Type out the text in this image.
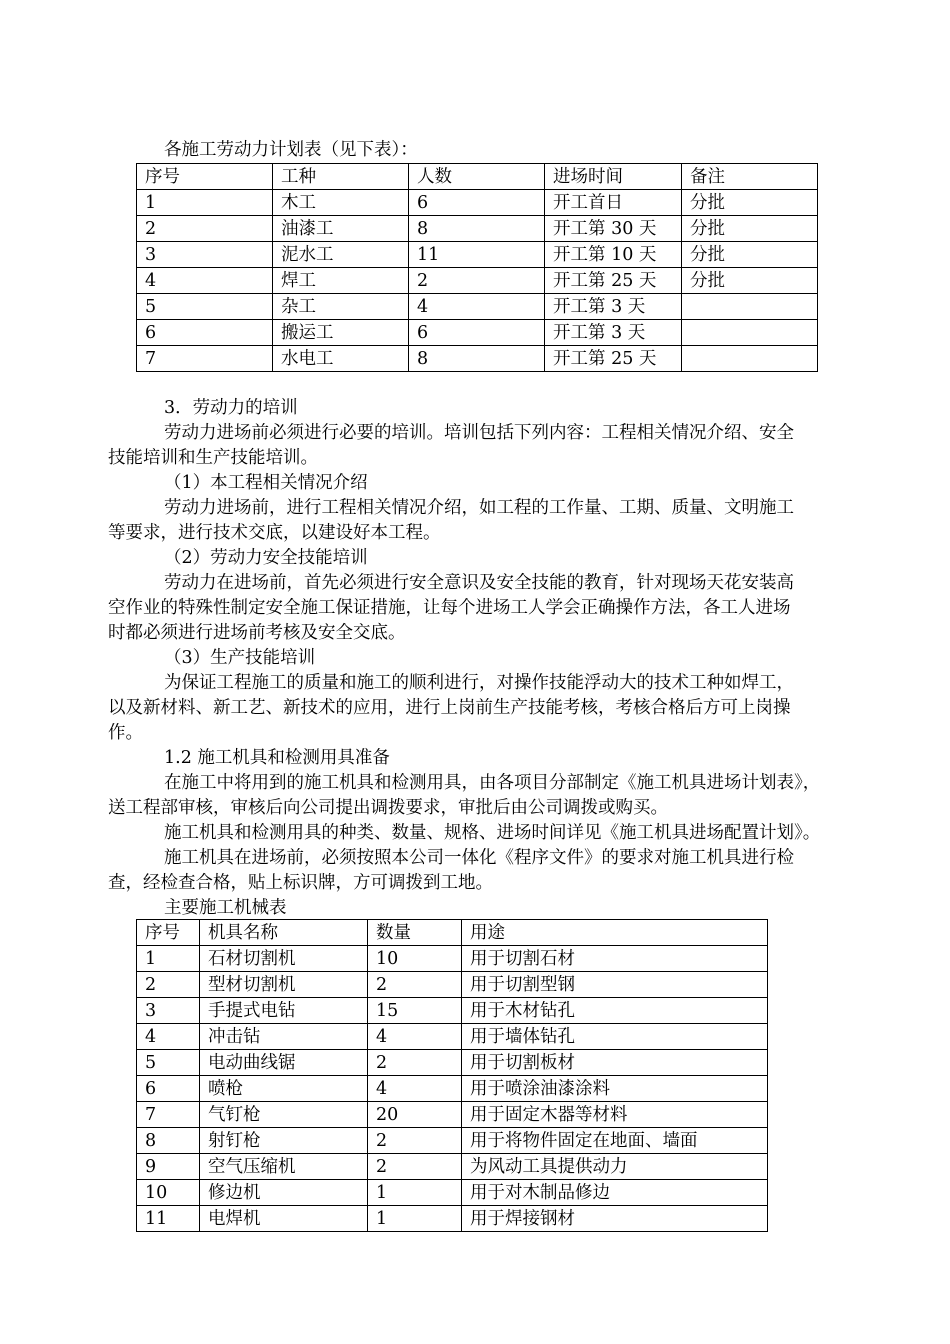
各施工劳动力计划表（见下表）：
序号	工种	人数	进场时间	备注
1	木工	6	开工首日	分批
2	油漆工	8	开工第 30 天	分批
3	泥水工	11	开工第 10 天	分批
4	焊工	2	开工第 25 天	分批
5	杂工	4	开工第 3 天	
6	搬运工	6	开工第 3 天	
7	水电工	8	开工第 25 天	
3．劳动力的培训
劳动力进场前必须进行必要的培训。培训包括下列内容：工程相关情况介绍、安全
技能培训和生产技能培训。
（1）本工程相关情况介绍
劳动力进场前，进行工程相关情况介绍，如工程的工作量、工期、质量、文明施工
等要求，进行技术交底，以建设好本工程。
（2）劳动力安全技能培训
劳动力在进场前，首先必须进行安全意识及安全技能的教育，针对现场天花安装高
空作业的特殊性制定安全施工保证措施，让每个进场工人学会正确操作方法，各工人进场
时都必须进行进场前考核及安全交底。
（3）生产技能培训
为保证工程施工的质量和施工的顺利进行，对操作技能浮动大的技术工种如焊工，
以及新材料、新工艺、新技术的应用，进行上岗前生产技能考核，考核合格后方可上岗操
作。
1.2 施工机具和检测用具准备
在施工中将用到的施工机具和检测用具，由各项目分部制定《施工机具进场计划表》，
送工程部审核，审核后向公司提出调拨要求，审批后由公司调拨或购买。
施工机具和检测用具的种类、数量、规格、进场时间详见《施工机具进场配置计划》。
施工机具在进场前，必须按照本公司一体化《程序文件》的要求对施工机具进行检
查，经检查合格，贴上标识牌，方可调拨到工地。
主要施工机械表
序号	机具名称	数量	用途
1	石材切割机	10	用于切割石材
2	型材切割机	2	用于切割型钢
3	手提式电钻	15	用于木材钻孔
4	冲击钻	4	用于墙体钻孔
5	电动曲线锯	2	用于切割板材
6	喷枪	4	用于喷涂油漆涂料
7	气钉枪	20	用于固定木器等材料
8	射钉枪	2	用于将物件固定在地面、墙面
9	空气压缩机	2	为风动工具提供动力
10	修边机	1	用于对木制品修边
11	电焊机	1	用于焊接钢材
